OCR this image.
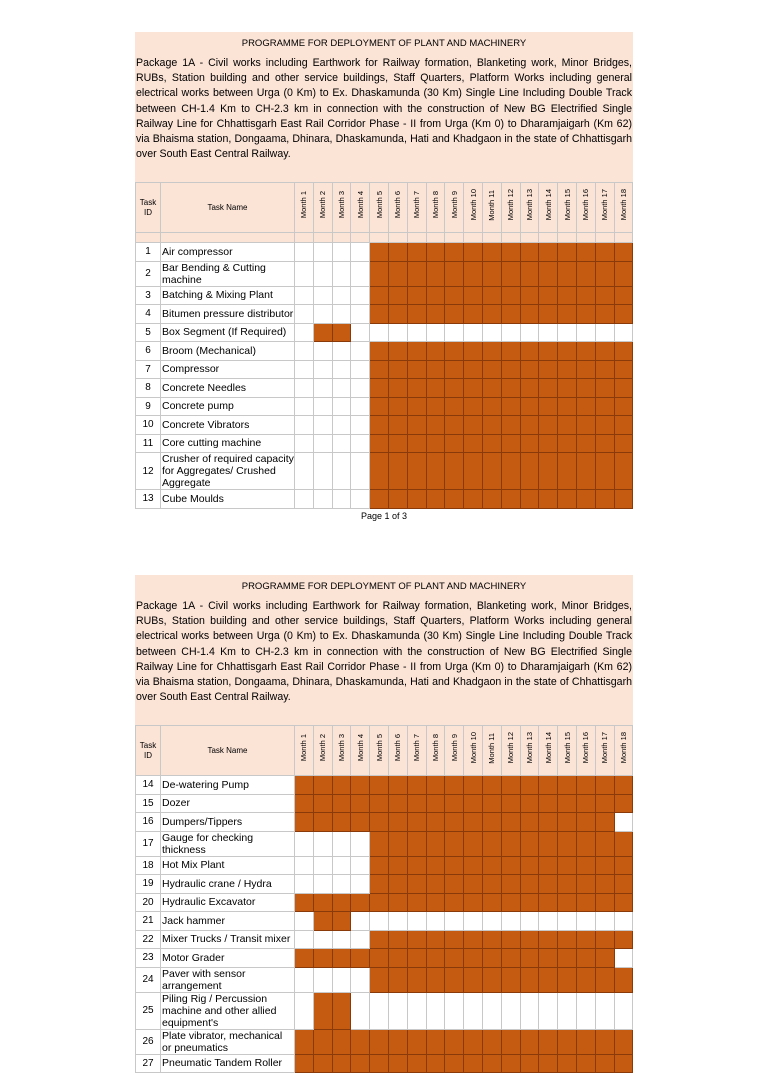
PROGRAMME FOR DEPLOYMENT OF PLANT AND MACHINERY
Package 1A - Civil works including Earthwork for Railway formation, Blanketing work, Minor Bridges, RUBs, Station building and other service buildings, Staff Quarters, Platform Works including general electrical works between Urga (0 Km) to Ex. Dhaskamunda (30 Km) Single Line Including Double Track between CH-1.4 Km to CH-2.3 km in connection with the construction of New BG Electrified Single Railway Line for Chhattisgarh East Rail Corridor Phase - II from Urga (Km 0) to Dharamjaigarh (Km 62) via Bhaisma station, Dongaama, Dhinara, Dhaskamunda, Hati and Khadgaon in the state of Chhattisgarh over South East Central Railway.
Task ID	Task Name	Month 1	Month 2	Month 3	Month 4	Month 5	Month 6	Month 7	Month 8	Month 9	Month 10	Month 11	Month 12	Month 13	Month 14	Month 15	Month 16	Month 17	Month 18

1	Air compressor																		
2	Bar Bending & Cutting machine																		
3	Batching & Mixing Plant																		
4	Bitumen pressure distributor																		
5	Box Segment (If Required)																		
6	Broom (Mechanical)																		
7	Compressor																		
8	Concrete Needles																		
9	Concrete pump																		
10	Concrete Vibrators																		
11	Core cutting machine																		
12	Crusher of required capacity for Aggregates/ Crushed Aggregate																		
13	Cube Moulds																		
Page 1 of 3
PROGRAMME FOR DEPLOYMENT OF PLANT AND MACHINERY
Package 1A - Civil works including Earthwork for Railway formation, Blanketing work, Minor Bridges, RUBs, Station building and other service buildings, Staff Quarters, Platform Works including general electrical works between Urga (0 Km) to Ex. Dhaskamunda (30 Km) Single Line Including Double Track between CH-1.4 Km to CH-2.3 km in connection with the construction of New BG Electrified Single Railway Line for Chhattisgarh East Rail Corridor Phase - II from Urga (Km 0) to Dharamjaigarh (Km 62) via Bhaisma station, Dongaama, Dhinara, Dhaskamunda, Hati and Khadgaon in the state of Chhattisgarh over South East Central Railway.
Task ID	Task Name	Month 1	Month 2	Month 3	Month 4	Month 5	Month 6	Month 7	Month 8	Month 9	Month 10	Month 11	Month 12	Month 13	Month 14	Month 15	Month 16	Month 17	Month 18
14	De-watering Pump																		
15	Dozer																		
16	Dumpers/Tippers																		
17	Gauge for checking thickness																		
18	Hot Mix Plant																		
19	Hydraulic crane / Hydra																		
20	Hydraulic Excavator																		
21	Jack hammer																		
22	Mixer Trucks / Transit mixer																		
23	Motor Grader																		
24	Paver with sensor arrangement																		
25	Piling Rig / Percussion machine and other allied equipment's																		
26	Plate vibrator, mechanical or pneumatics																		
27	Pneumatic Tandem Roller																		
